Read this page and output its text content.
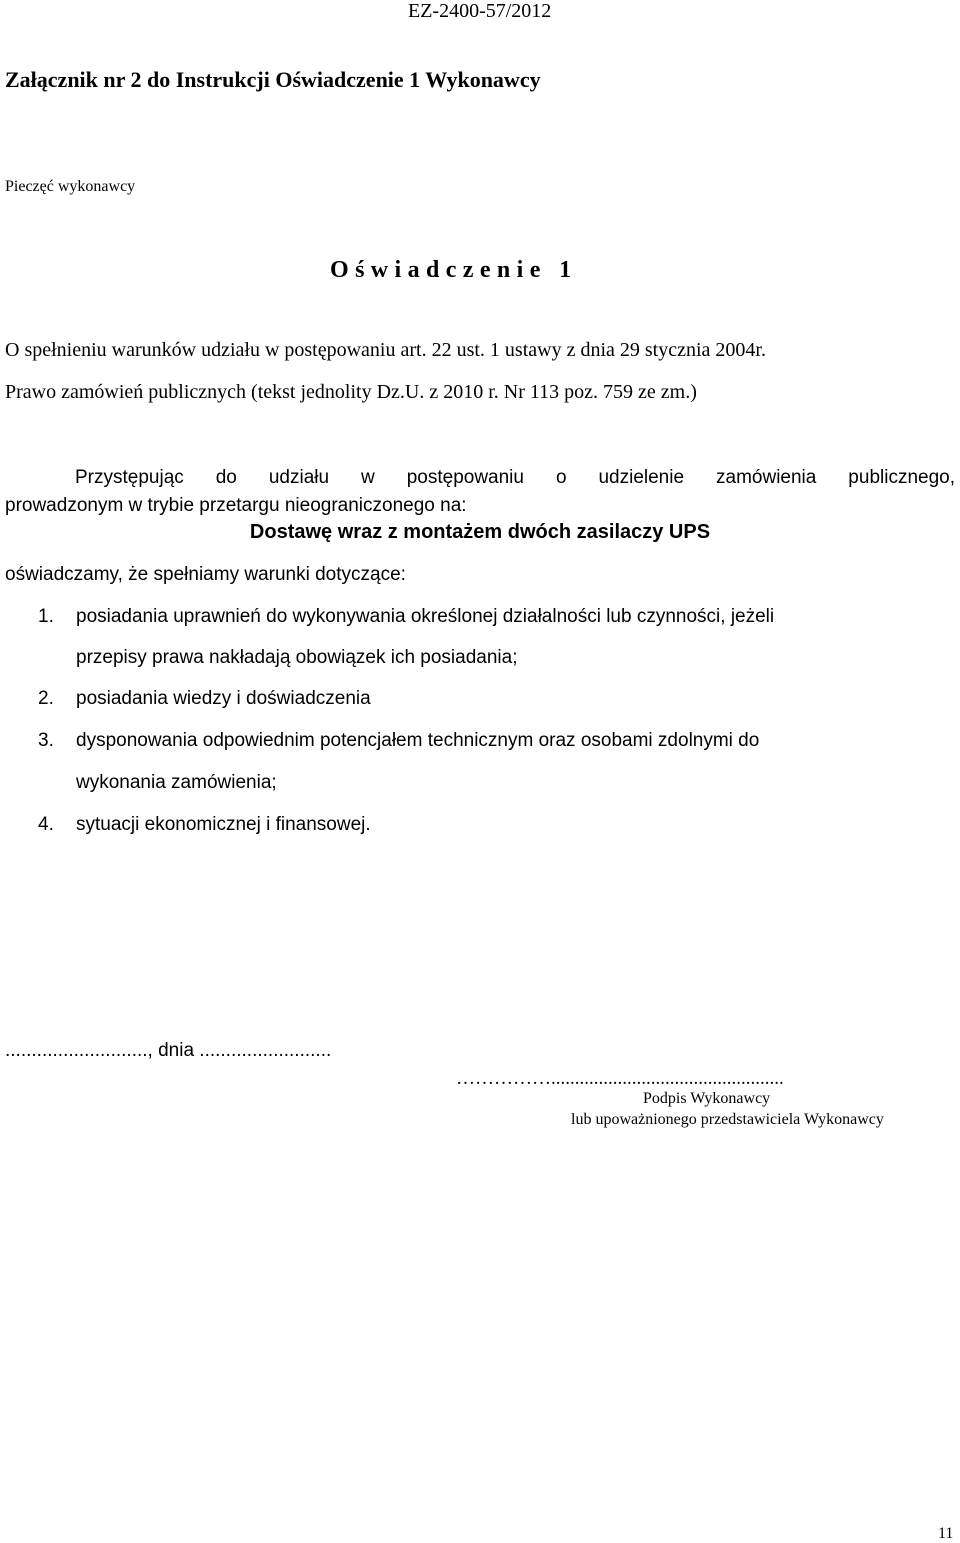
EZ-2400-57/2012
Załącznik nr 2 do Instrukcji Oświadczenie 1 Wykonawcy
Pieczęć wykonawcy
Oświadczenie 1
O spełnieniu warunków udziału w postępowaniu art. 22 ust. 1 ustawy z dnia 29 stycznia 2004r.
Prawo zamówień publicznych (tekst jednolity Dz.U. z 2010 r. Nr 113 poz. 759 ze zm.)

Przystępując do udziału w postępowaniu o udzielenie zamówienia publicznego,

prowadzonym w trybie przetargu nieograniczonego na:

Dostawę wraz z montażem dwóch zasilaczy UPS
oświadczamy, że spełniamy warunki dotyczące:
1. posiadania uprawnień do wykonywania określonej działalności lub czynności, jeżeli
przepisy prawa nakładają obowiązek ich posiadania;
2. posiadania wiedzy i doświadczenia
3. dysponowania odpowiednim potencjałem technicznym oraz osobami zdolnymi do
wykonania zamówienia;
4. sytuacji ekonomicznej i finansowej.
..........................., dnia .........................
…………….................................................
Podpis Wykonawcy
lub upoważnionego przedstawiciela Wykonawcy
11
